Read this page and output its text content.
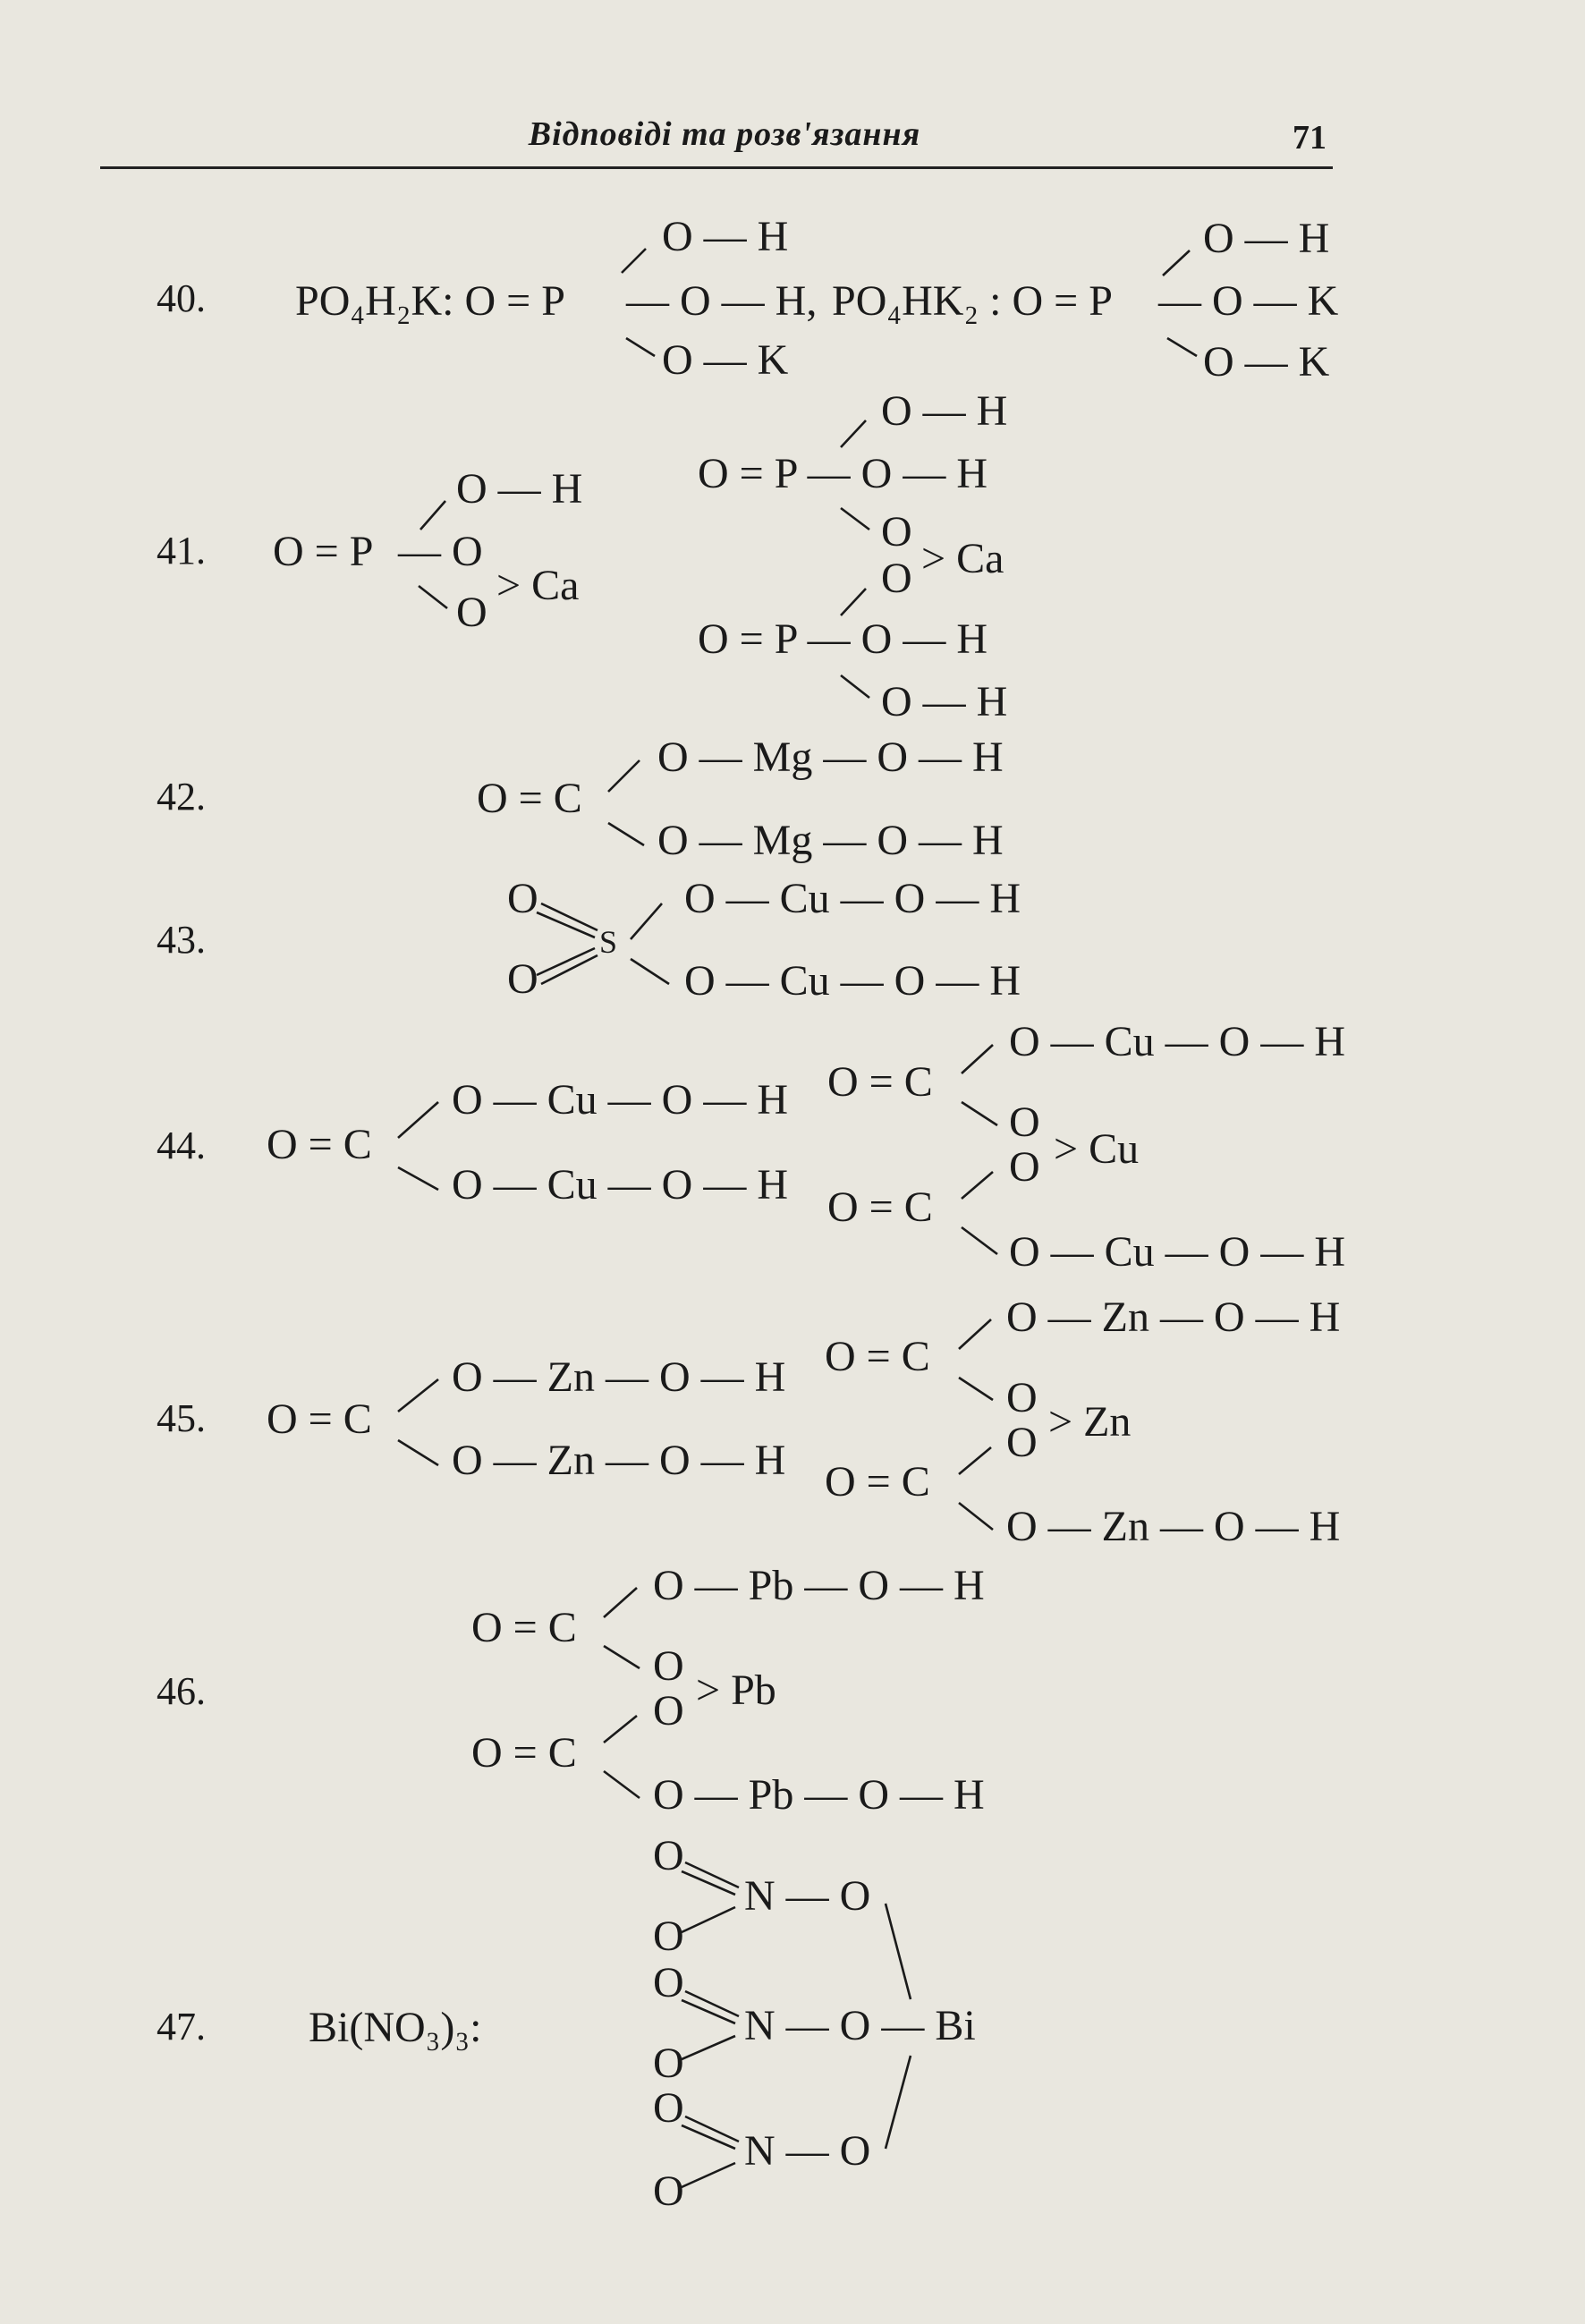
Відповіді та розв'язання	71
40. PO₄H₂K: O = P
O — H
— O — H,
O — K
PO₄HK₂ : O = P
O — H
— O — K
O — K
41. O = P
O — H
— O
O
> Ca
O — H
O = P — O — H
O
> Ca
O
O = P — O — H
O — H
42.	O = C
O — Mg — O — H
O — Mg — O — H
43.
O
S
O
O — Cu — O — H
O — Cu — O — H
44. O = C
O — Cu — O — H
O — Cu — O — H
O = C
O — Cu — O — H
O
> Cu
O
O = C
O — Cu — O — H
45. O = C
O — Zn — O — H
O — Zn — O — H
O = C
O — Zn — O — H
O
> Zn
O
O = C
O — Zn — O — H
46.
O = C
O — Pb — O — H
O
> Pb
O
O = C
O — Pb — O — H
47. Bi(NO₃)₃:
O
N — O
O
O
N — O — Bi
O
O
N — O
O
